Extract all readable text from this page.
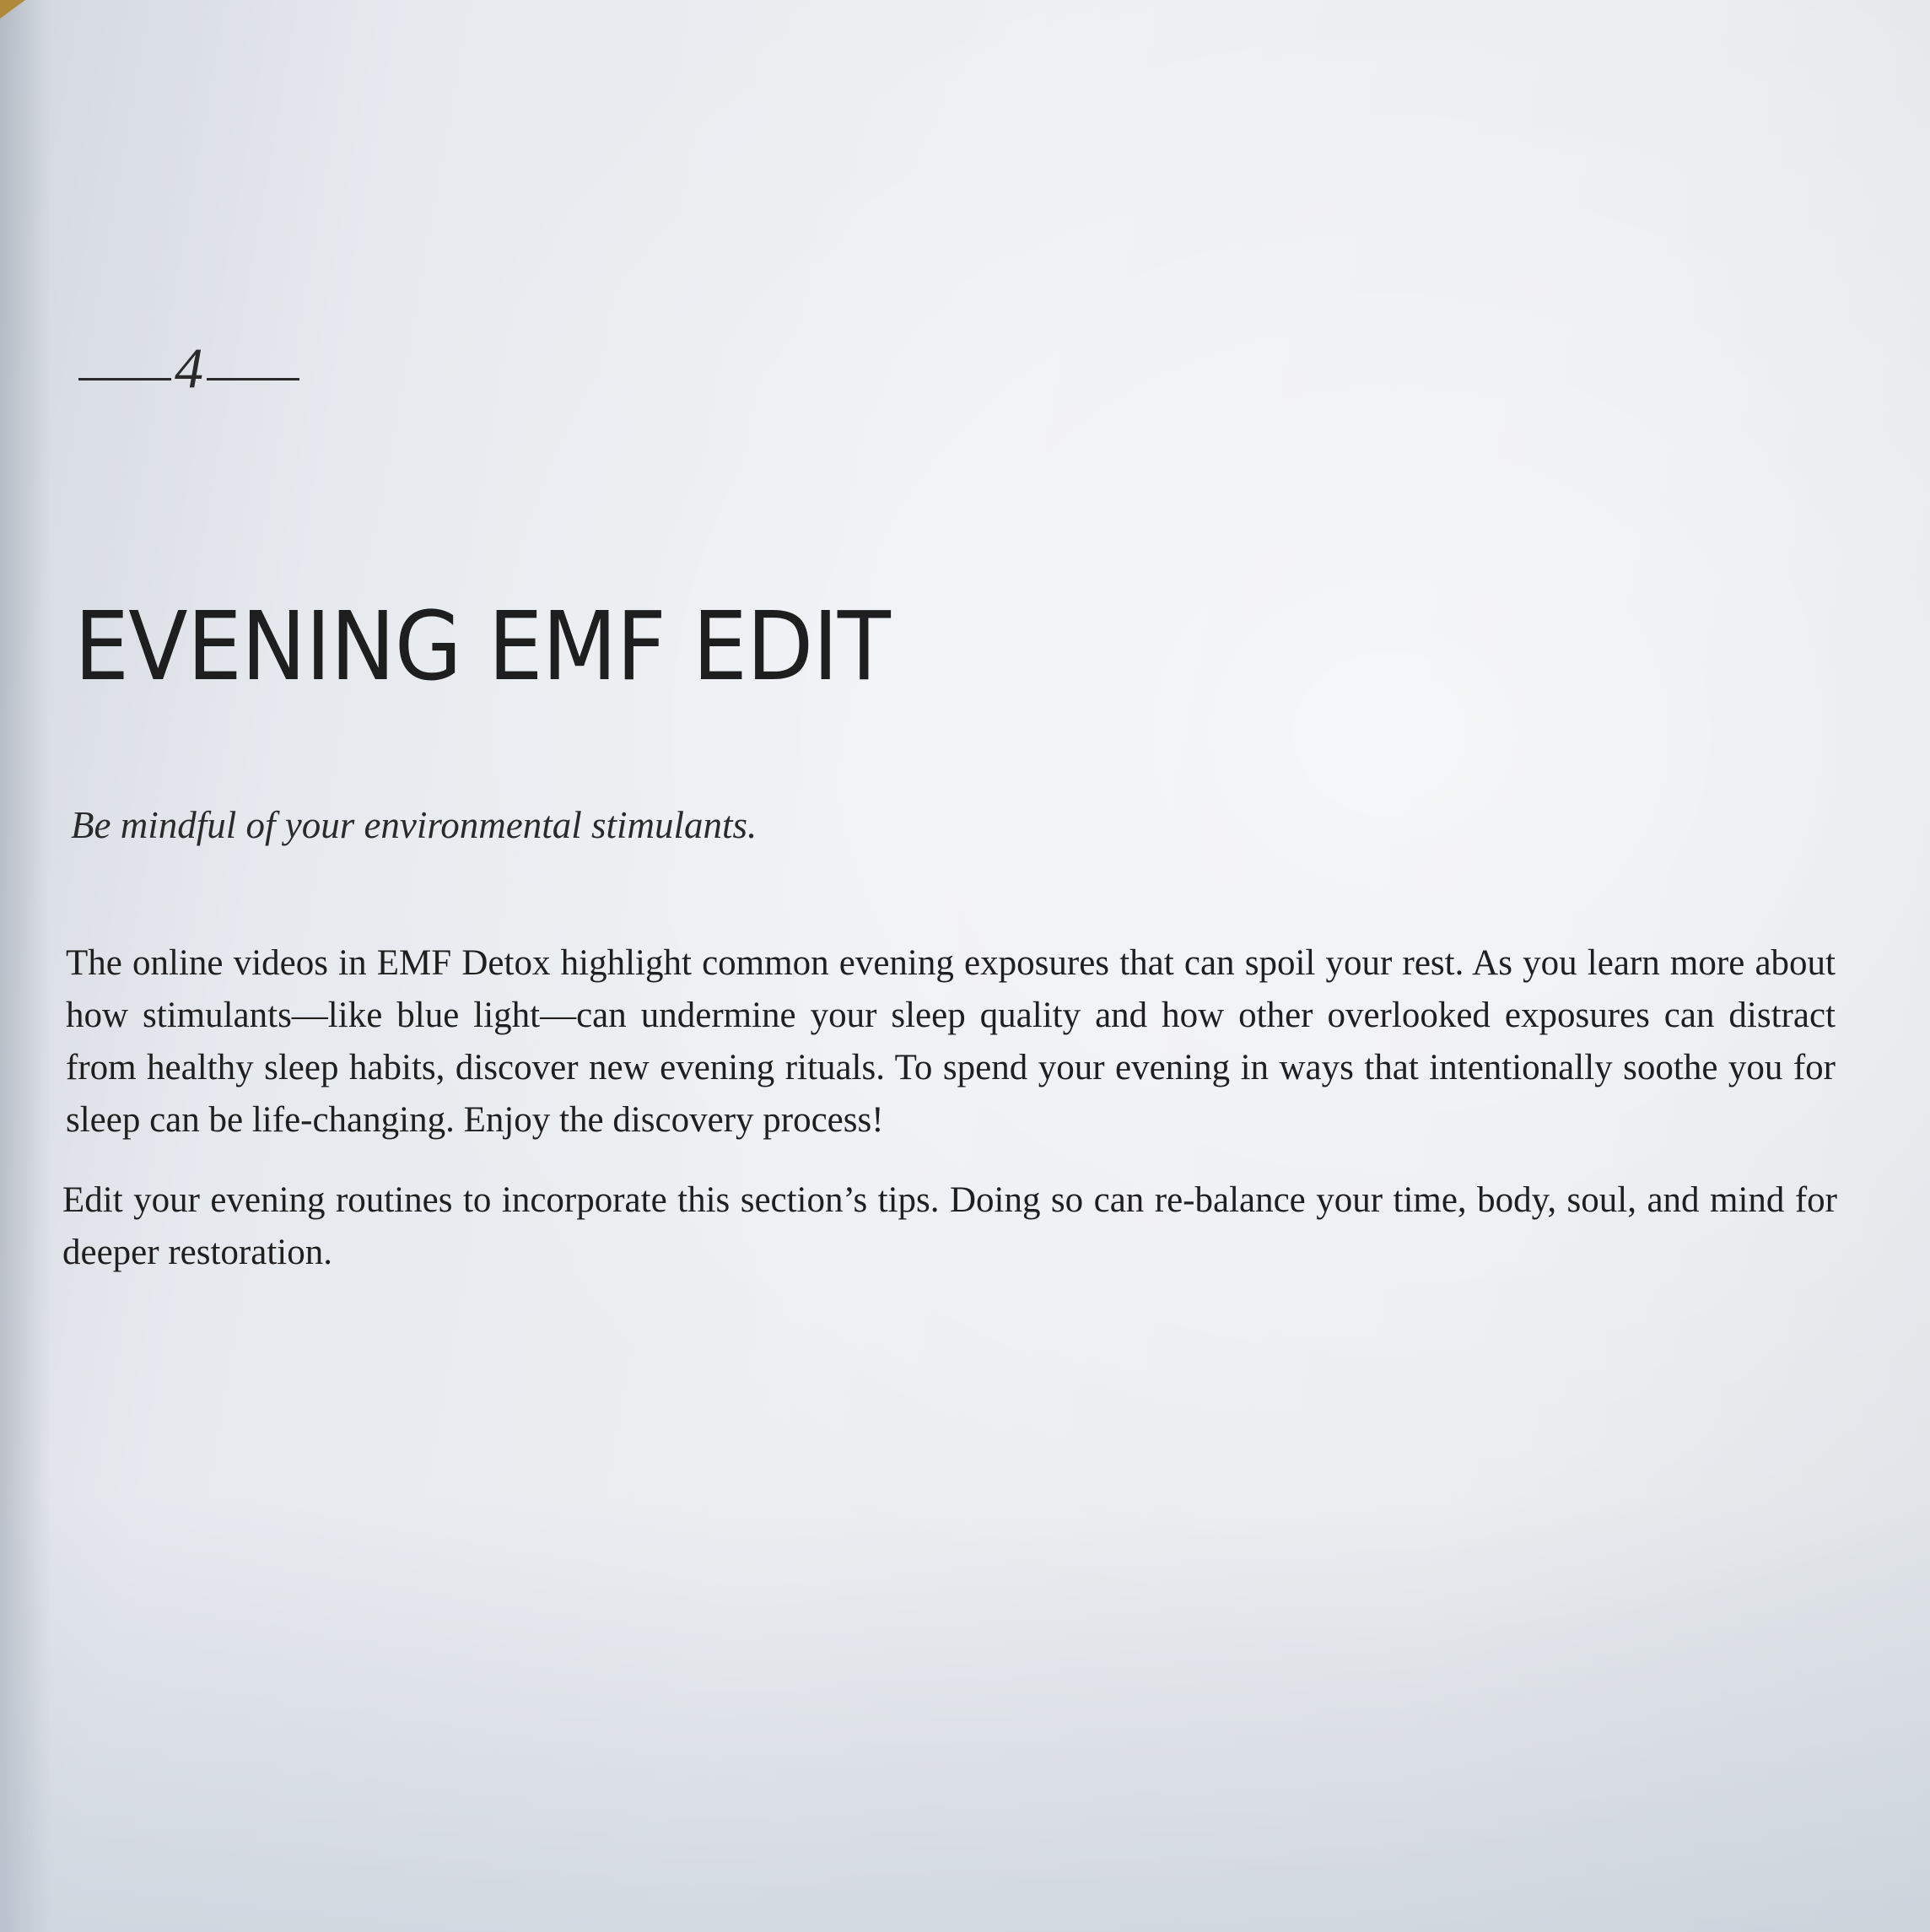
4
EVENING EMF EDIT

Be mindful of your environmental stimulants.

The online videos in EMF Detox highlight common evening exposures that can spoil your rest. As you learn more about how stimulants—like blue light—can undermine your sleep quality and how other overlooked exposures can distract from healthy sleep habits, discover new evening rituals. To spend your evening in ways that intentionally soothe you for sleep can be life-changing. Enjoy the discovery process!

Edit your evening routines to incorporate this section’s tips. Doing so can re-balance your time, body, soul, and mind for deeper restoration.
